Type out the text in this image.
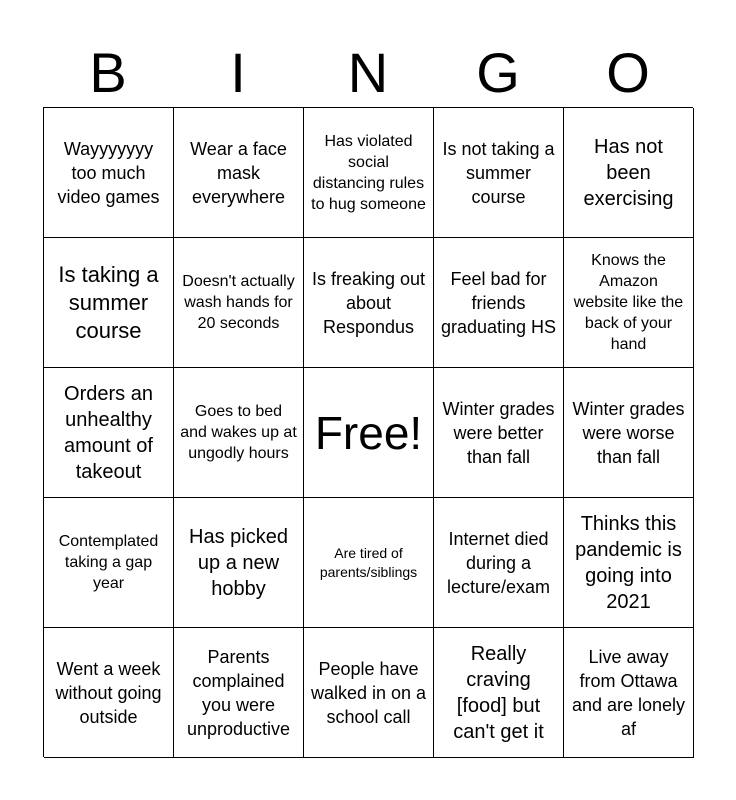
B	I	N	G	O
Wayyyyyyy too much video games
Wear a face mask everywhere
Has violated social distancing rules to hug someone
Is not taking a summer course
Has not been exercising
Is taking a summer course
Doesn't actually wash hands for 20 seconds
Is freaking out about Respondus
Feel bad for friends graduating HS
Knows the Amazon website like the back of your hand
Orders an unhealthy amount of takeout
Goes to bed and wakes up at ungodly hours Free! Winter grades were better than fall
Winter grades were worse than fall
Contemplated taking a gap year
Has picked up a new hobby
Are tired of parents/siblings
Internet died during a lecture/exam
Thinks this pandemic is going into 2021
Went a week without going outside
Parents complained you were unproductive
People have walked in on a school call
Really craving [food] but can't get it
Live away from Ottawa and are lonely af
